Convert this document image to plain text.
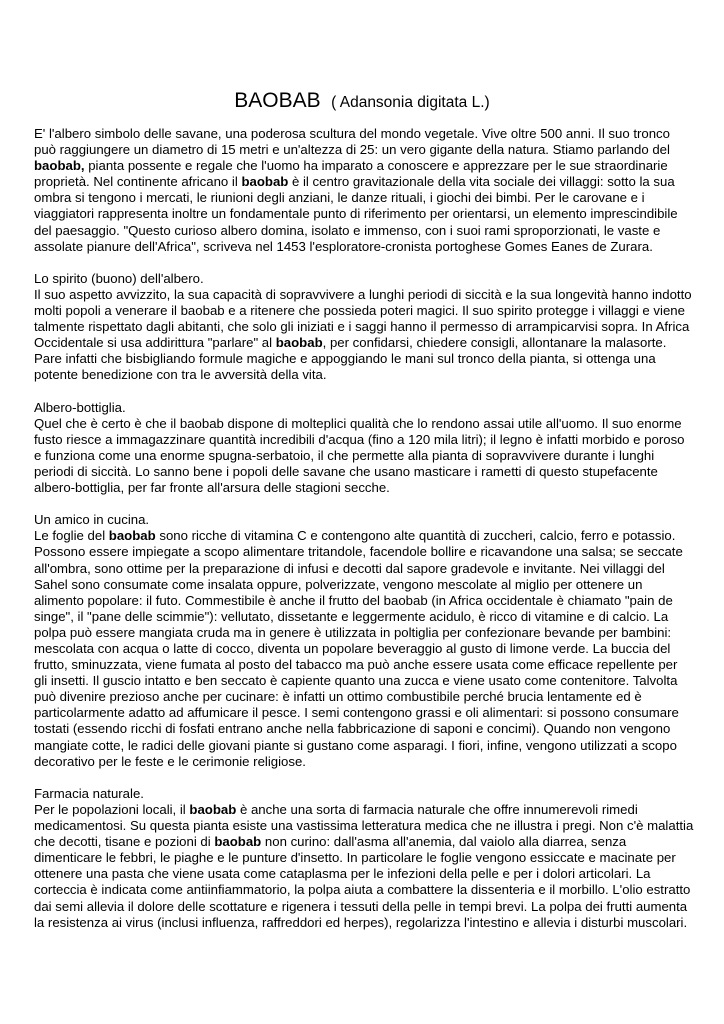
BAOBAB ( Adansonia digitata L.)

E' l'albero simbolo delle savane, una poderosa scultura del mondo vegetale. Vive oltre 500 anni. Il suo tronco può raggiungere un diametro di 15 metri e un'altezza di 25: un vero gigante della natura. Stiamo parlando del baobab, pianta possente e regale che l'uomo ha imparato a conoscere e apprezzare per le sue straordinarie proprietà. Nel continente africano il baobab è il centro gravitazionale della vita sociale dei villaggi: sotto la sua ombra si tengono i mercati, le riunioni degli anziani, le danze rituali, i giochi dei bimbi. Per le carovane e i viaggiatori rappresenta inoltre un fondamentale punto di riferimento per orientarsi, un elemento imprescindibile del paesaggio. "Questo curioso albero domina, isolato e immenso, con i suoi rami sproporzionati, le vaste e assolate pianure dell'Africa", scriveva nel 1453 l'esploratore-cronista portoghese Gomes Eanes de Zurara.

Lo spirito (buono) dell'albero.

Il suo aspetto avvizzito, la sua capacità di sopravvivere a lunghi periodi di siccità e la sua longevità hanno indotto molti popoli a venerare il baobab e a ritenere che possieda poteri magici. Il suo spirito protegge i villaggi e viene talmente rispettato dagli abitanti, che solo gli iniziati e i saggi hanno il permesso di arrampicarvisi sopra. In Africa Occidentale si usa addirittura "parlare" al baobab, per confidarsi, chiedere consigli, allontanare la malasorte. Pare infatti che bisbigliando formule magiche e appoggiando le mani sul tronco della pianta, si ottenga una potente benedizione con tra le avversità della vita.

Albero-bottiglia.

Quel che è certo è che il baobab dispone di molteplici qualità che lo rendono assai utile all'uomo. Il suo enorme fusto riesce a immagazzinare quantità incredibili d'acqua (fino a 120 mila litri); il legno è infatti morbido e poroso e funziona come una enorme spugna-serbatoio, il che permette alla pianta di sopravvivere durante i lunghi periodi di siccità. Lo sanno bene i popoli delle savane che usano masticare i rametti di questo stupefacente albero-bottiglia, per far fronte all'arsura delle stagioni secche.

Un amico in cucina.

Le foglie del baobab sono ricche di vitamina C e contengono alte quantità di zuccheri, calcio, ferro e potassio. Possono essere impiegate a scopo alimentare tritandole, facendole bollire e ricavandone una salsa; se seccate all'ombra, sono ottime per la preparazione di infusi e decotti dal sapore gradevole e invitante. Nei villaggi del Sahel sono consumate come insalata oppure, polverizzate, vengono mescolate al miglio per ottenere un alimento popolare: il futo. Commestibile è anche il frutto del baobab (in Africa occidentale è chiamato "pain de singe", il "pane delle scimmie"): vellutato, dissetante e leggermente acidulo, è ricco di vitamine e di calcio. La polpa può essere mangiata cruda ma in genere è utilizzata in poltiglia per confezionare bevande per bambini: mescolata con acqua o latte di cocco, diventa un popolare beveraggio al gusto di limone verde. La buccia del frutto, sminuzzata, viene fumata al posto del tabacco ma può anche essere usata come efficace repellente per gli insetti. Il guscio intatto e ben seccato è capiente quanto una zucca e viene usato come contenitore. Talvolta può divenire prezioso anche per cucinare: è infatti un ottimo combustibile perché brucia lentamente ed è particolarmente adatto ad affumicare il pesce. I semi contengono grassi e oli alimentari: si possono consumare tostati (essendo ricchi di fosfati entrano anche nella fabbricazione di saponi e concimi). Quando non vengono mangiate cotte, le radici delle giovani piante si gustano come asparagi. I fiori, infine, vengono utilizzati a scopo decorativo per le feste e le cerimonie religiose.

Farmacia naturale.

Per le popolazioni locali, il baobab è anche una sorta di farmacia naturale che offre innumerevoli rimedi medicamentosi. Su questa pianta esiste una vastissima letteratura medica che ne illustra i pregi. Non c'è malattia che decotti, tisane e pozioni di baobab non curino: dall'asma all'anemia, dal vaiolo alla diarrea, senza dimenticare le febbri, le piaghe e le punture d'insetto. In particolare le foglie vengono essiccate e macinate per ottenere una pasta che viene usata come cataplasma per le infezioni della pelle e per i dolori articolari. La corteccia è indicata come antiinfiammatorio, la polpa aiuta a combattere la dissenteria e il morbillo. L'olio estratto dai semi allevia il dolore delle scottature e rigenera i tessuti della pelle in tempi brevi. La polpa dei frutti aumenta la resistenza ai virus (inclusi influenza, raffreddori ed herpes), regolarizza l'intestino e allevia i disturbi muscolari.
